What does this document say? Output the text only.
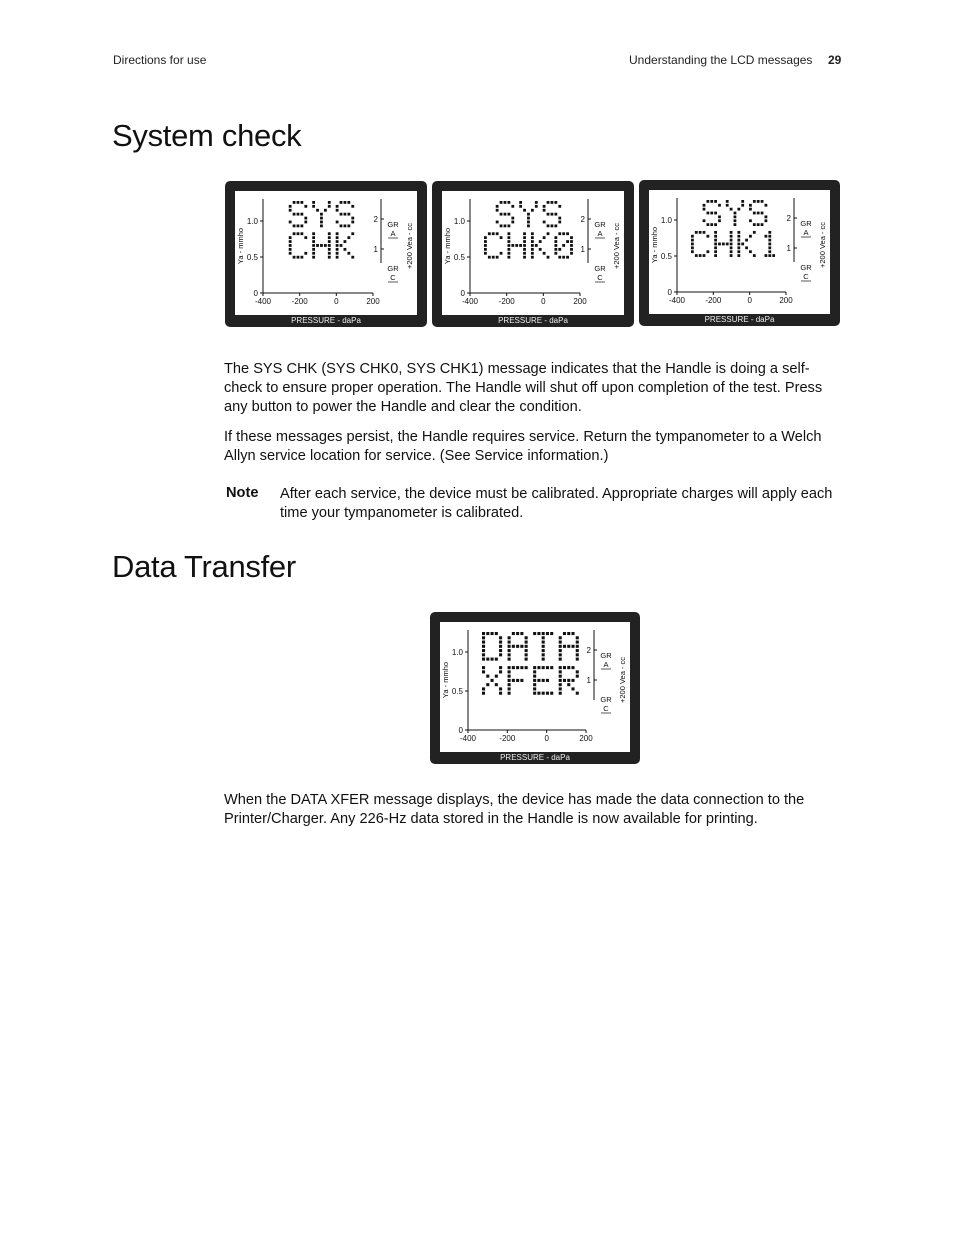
Directions for use	Understanding the LCD messages 29
System check
1.0
0.5
0
-400	-200	0	200
2
1
GR
A
GR
C
Ya - mmho	+200 Vea - cc
PRESSURE - daPa
1.0
0.5
0
-400	-200	0	200
2
1
GR
A
GR
C
Ya - mmho	+200 Vea - cc
PRESSURE - daPa
1.0
0.5
0
-400	-200	0	200
2
1
GR
A
GR
C
Ya - mmho	+200 Vea - cc
PRESSURE - daPa

The SYS CHK (SYS CHK0, SYS CHK1) message indicates that the Handle is doing a self-check to ensure proper operation. The Handle will shut off upon completion of the test. Press any button to power the Handle and clear the condition.

If these messages persist, the Handle requires service. Return the tympanometer to a Welch Allyn service location for service. (See Service information.)

Note After each service, the device must be calibrated. Appropriate charges will apply each time your tympanometer is calibrated.

Data Transfer
1.0
0.5
0
-400	-200	0	200
2
1
GR
A
GR
C
Ya - mmho	+200 Vea - cc
PRESSURE - daPa

When the DATA XFER message displays, the device has made the data connection to the Printer/Charger. Any 226-Hz data stored in the Handle is now available for printing.
